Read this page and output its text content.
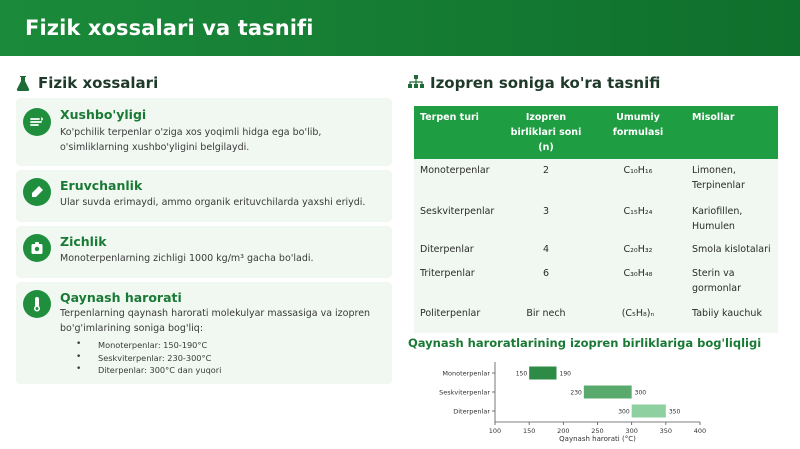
Fizik xossalari va tasnifi
Fizik xossalari
Xushbo'yligi
Ko'pchilik terpenlar o'ziga xos yoqimli hidga ega bo'lib, o'simliklarning xushbo'yligini belgilaydi.
Eruvchanlik
Ular suvda erimaydi, ammo organik erituvchilarda yaxshi eriydi.
Zichlik
Monoterpenlarning zichligi 1000 kg/m³ gacha bo'ladi.
Qaynash harorati
Terpenlarning qaynash harorati molekulyar massasiga va izopren bo'g'imlarining soniga bog'liq:
• Monoterpenlar: 150-190°C
• Seskviterpenlar: 230-300°C
• Diterpenlar: 300°C dan yuqori
Izopren soniga ko'ra tasnifi
Terpen turi	Izopren birliklari soni (n)	Umumiy formulasi	Misollar
Monoterpenlar	2	C₁₀H₁₆	Limonen, Terpinenlar
Seskviterpenlar	3	C₁₅H₂₄	Kariofillen, Humulen
Diterpenlar	4	C₂₀H₃₂	Smola kislotalari
Triterpenlar	6	C₃₀H₄₈	Sterin va gormonlar
Politerpenlar	Bir nech	(C₅H₈)ₙ	Tabiiy kauchuk
Qaynash haroratlarining izopren birliklariga bog'liqligi
100	150	200	250	300	350	400
Qaynash harorati (°C)
Monoterpenlar	150	190
Seskviterpenlar	230	300
Diterpenlar	300	350
